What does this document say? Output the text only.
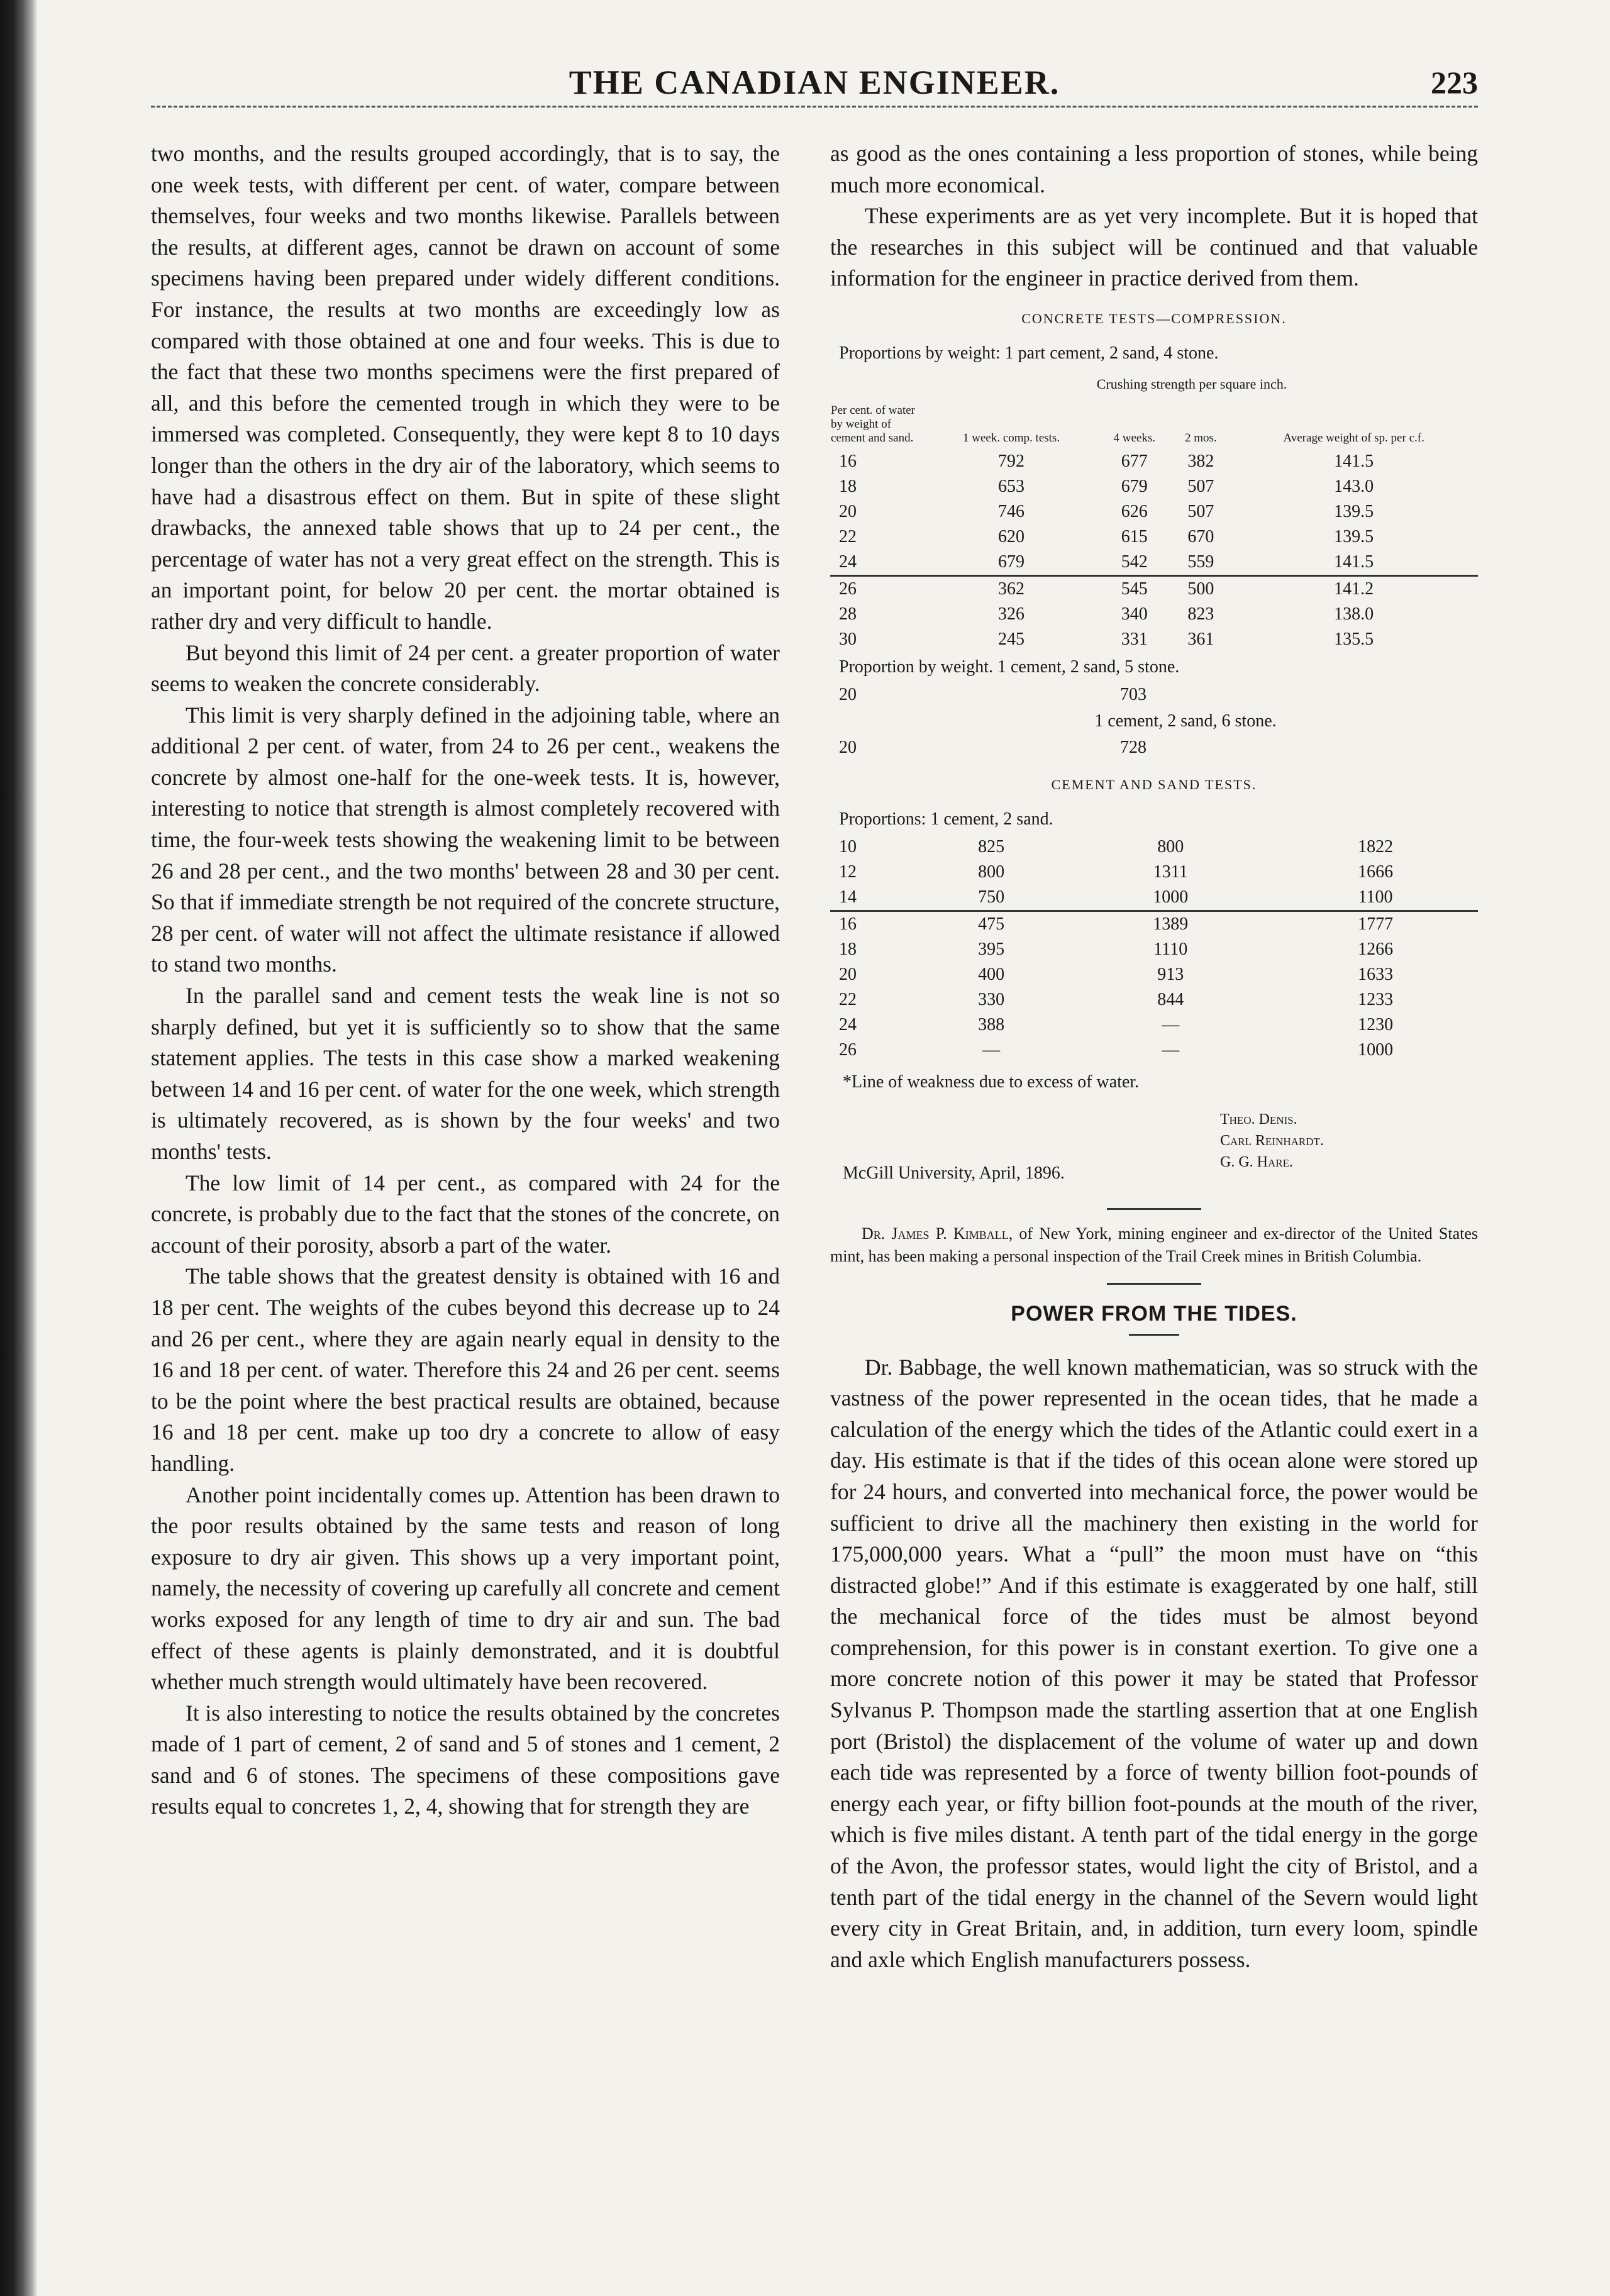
THE CANADIAN ENGINEER.	223

two months, and the results grouped accordingly, that is to say, the one week tests, with different per cent. of water, compare between themselves, four weeks and two months likewise. Parallels between the results, at different ages, cannot be drawn on account of some specimens having been prepared under widely different conditions. For instance, the results at two months are exceedingly low as compared with those obtained at one and four weeks. This is due to the fact that these two months specimens were the first prepared of all, and this before the cemented trough in which they were to be immersed was completed. Consequently, they were kept 8 to 10 days longer than the others in the dry air of the laboratory, which seems to have had a disastrous effect on them. But in spite of these slight drawbacks, the annexed table shows that up to 24 per cent., the percentage of water has not a very great effect on the strength. This is an important point, for below 20 per cent. the mortar obtained is rather dry and very difficult to handle.

But beyond this limit of 24 per cent. a greater proportion of water seems to weaken the concrete considerably.

This limit is very sharply defined in the adjoining table, where an additional 2 per cent. of water, from 24 to 26 per cent., weakens the concrete by almost one-half for the one-week tests. It is, however, interesting to notice that strength is almost completely recovered with time, the four-week tests showing the weakening limit to be between 26 and 28 per cent., and the two months' between 28 and 30 per cent. So that if immediate strength be not required of the concrete structure, 28 per cent. of water will not affect the ultimate resistance if allowed to stand two months.

In the parallel sand and cement tests the weak line is not so sharply defined, but yet it is sufficiently so to show that the same statement applies. The tests in this case show a marked weakening between 14 and 16 per cent. of water for the one week, which strength is ultimately recovered, as is shown by the four weeks' and two months' tests.

The low limit of 14 per cent., as compared with 24 for the concrete, is probably due to the fact that the stones of the concrete, on account of their porosity, absorb a part of the water.

The table shows that the greatest density is obtained with 16 and 18 per cent. The weights of the cubes beyond this decrease up to 24 and 26 per cent., where they are again nearly equal in density to the 16 and 18 per cent. of water. Therefore this 24 and 26 per cent. seems to be the point where the best practical results are obtained, because 16 and 18 per cent. make up too dry a concrete to allow of easy handling.

Another point incidentally comes up. Attention has been drawn to the poor results obtained by the same tests and reason of long exposure to dry air given. This shows up a very important point, namely, the necessity of covering up carefully all concrete and cement works exposed for any length of time to dry air and sun. The bad effect of these agents is plainly demonstrated, and it is doubtful whether much strength would ultimately have been recovered.

It is also interesting to notice the results obtained by the concretes made of 1 part of cement, 2 of sand and 5 of stones and 1 cement, 2 sand and 6 of stones. The specimens of these compositions gave results equal to concretes 1, 2, 4, showing that for strength they are

as good as the ones containing a less proportion of stones, while being much more economical.

These experiments are as yet very incomplete. But it is hoped that the researches in this subject will be continued and that valuable information for the engineer in practice derived from them.

CONCRETE TESTS—COMPRESSION.
Proportions by weight: 1 part cement, 2 sand, 4 stone.
Crushing strength per square inch.
Per cent. of water by weight of cement and sand.	1 week. comp. tests.	4 weeks.	2 mos.	Average weight of sp. per c.f.
16	792	677	382	141.5
18	653	679	507	143.0
20	746	626	507	139.5
22	620	615	670	139.5
24	679	542	559	141.5
26	362	545	500	141.2
28	326	340	823	138.0
30	245	331	361	135.5
Proportion by weight. 1 cement, 2 sand, 5 stone.
20	703
1 cement, 2 sand, 6 stone.
20	728
CEMENT AND SAND TESTS.
Proportions: 1 cement, 2 sand.
10	825	800	1822
12	800	1311	1666
14	750	1000	1100
16	475	1389	1777
18	395	1110	1266
20	400	913	1633
22	330	844	1233
24	388	—	1230
26	—	—	1000
*Line of weakness due to excess of water.
Theo. Denis.
Carl Reinhardt.
G. G. Hare.
McGill University, April, 1896.
Dr. James P. Kimball, of New York, mining engineer and ex-director of the United States mint, has been making a personal inspection of the Trail Creek mines in British Columbia.
POWER FROM THE TIDES.

Dr. Babbage, the well known mathematician, was so struck with the vastness of the power represented in the ocean tides, that he made a calculation of the energy which the tides of the Atlantic could exert in a day. His estimate is that if the tides of this ocean alone were stored up for 24 hours, and converted into mechanical force, the power would be sufficient to drive all the machinery then existing in the world for 175,000,000 years. What a “pull” the moon must have on “this distracted globe!” And if this estimate is exaggerated by one half, still the mechanical force of the tides must be almost beyond comprehension, for this power is in constant exertion. To give one a more concrete notion of this power it may be stated that Professor Sylvanus P. Thompson made the startling assertion that at one English port (Bristol) the displacement of the volume of water up and down each tide was represented by a force of twenty billion foot-pounds of energy each year, or fifty billion foot-pounds at the mouth of the river, which is five miles distant. A tenth part of the tidal energy in the gorge of the Avon, the professor states, would light the city of Bristol, and a tenth part of the tidal energy in the channel of the Severn would light every city in Great Britain, and, in addition, turn every loom, spindle and axle which English manufacturers possess.
